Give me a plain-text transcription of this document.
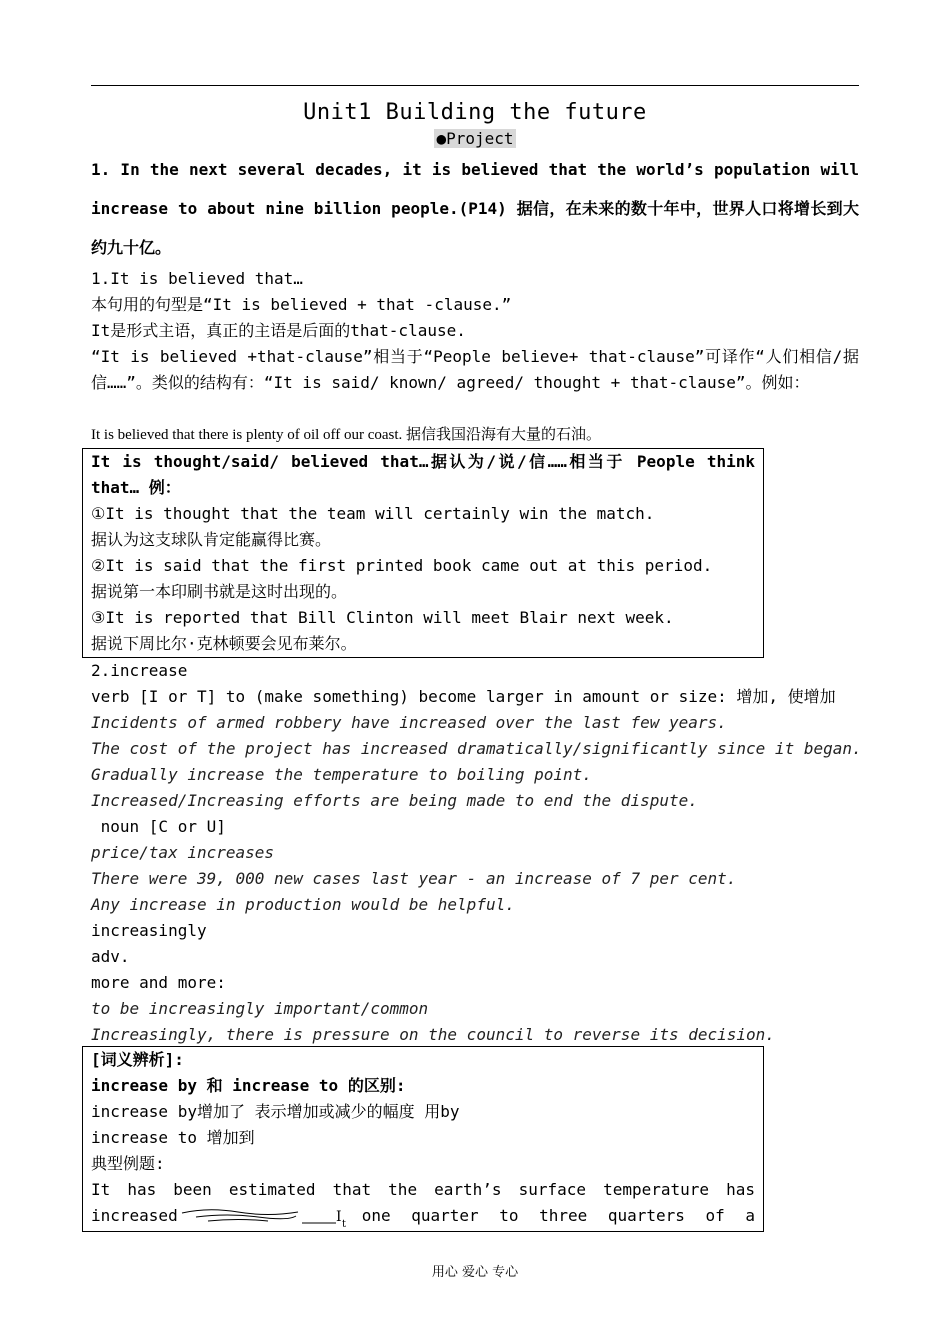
Unit1 Building the future
●Project
1. In the next several decades, it is believed that the world’s population will increase to about nine billion people.(P14) 据信，在未来的数十年中，世界人口将增长到大约九十亿。
1.It is believed that…
本句用的句型是“It is believed + that -clause.”
It是形式主语，真正的主语是后面的that-clause.
“It is believed +that-clause”相当于“People believe+ that-clause”可译作“人们相信/据信……”。类似的结构有：“It is said/ known/ agreed/ thought + that-clause”。例如：
It is believed that there is plenty of oil off our coast. 据信我国沿海有大量的石油。
It is thought/said/ believed that…据认为/说/信……相当于 People think that… 例：
①It is thought that the team will certainly win the match.
据认为这支球队肯定能赢得比赛。
②It is said that the first printed book came out at this period.
据说第一本印刷书就是这时出现的。
③It is reported that Bill Clinton will meet Blair next week.
据说下周比尔·克林顿要会见布莱尔。
2.increase
verb [I or T] to (make something) become larger in amount or size: 增加, 使增加
Incidents of armed robbery have increased over the last few years.
The cost of the project has increased dramatically/significantly since it began.
Gradually increase the temperature to boiling point.
Increased/Increasing efforts are being made to end the dispute.
noun [C or U]
price/tax increases
There were 39, 000 new cases last year - an increase of 7 per cent.
Any increase in production would be helpful.
increasingly
adv.
more and more:
to be increasingly important/common
Increasingly, there is pressure on the council to reverse its decision.
[词义辨析]:
increase by 和 increase to 的区别:
increase by增加了 表示增加或减少的幅度 用by
increase to 增加到
典型例题:
It has been estimated that the earth’s surface temperature has
increased	I t one quarter to three quarters of a
用心 爱心 专心
